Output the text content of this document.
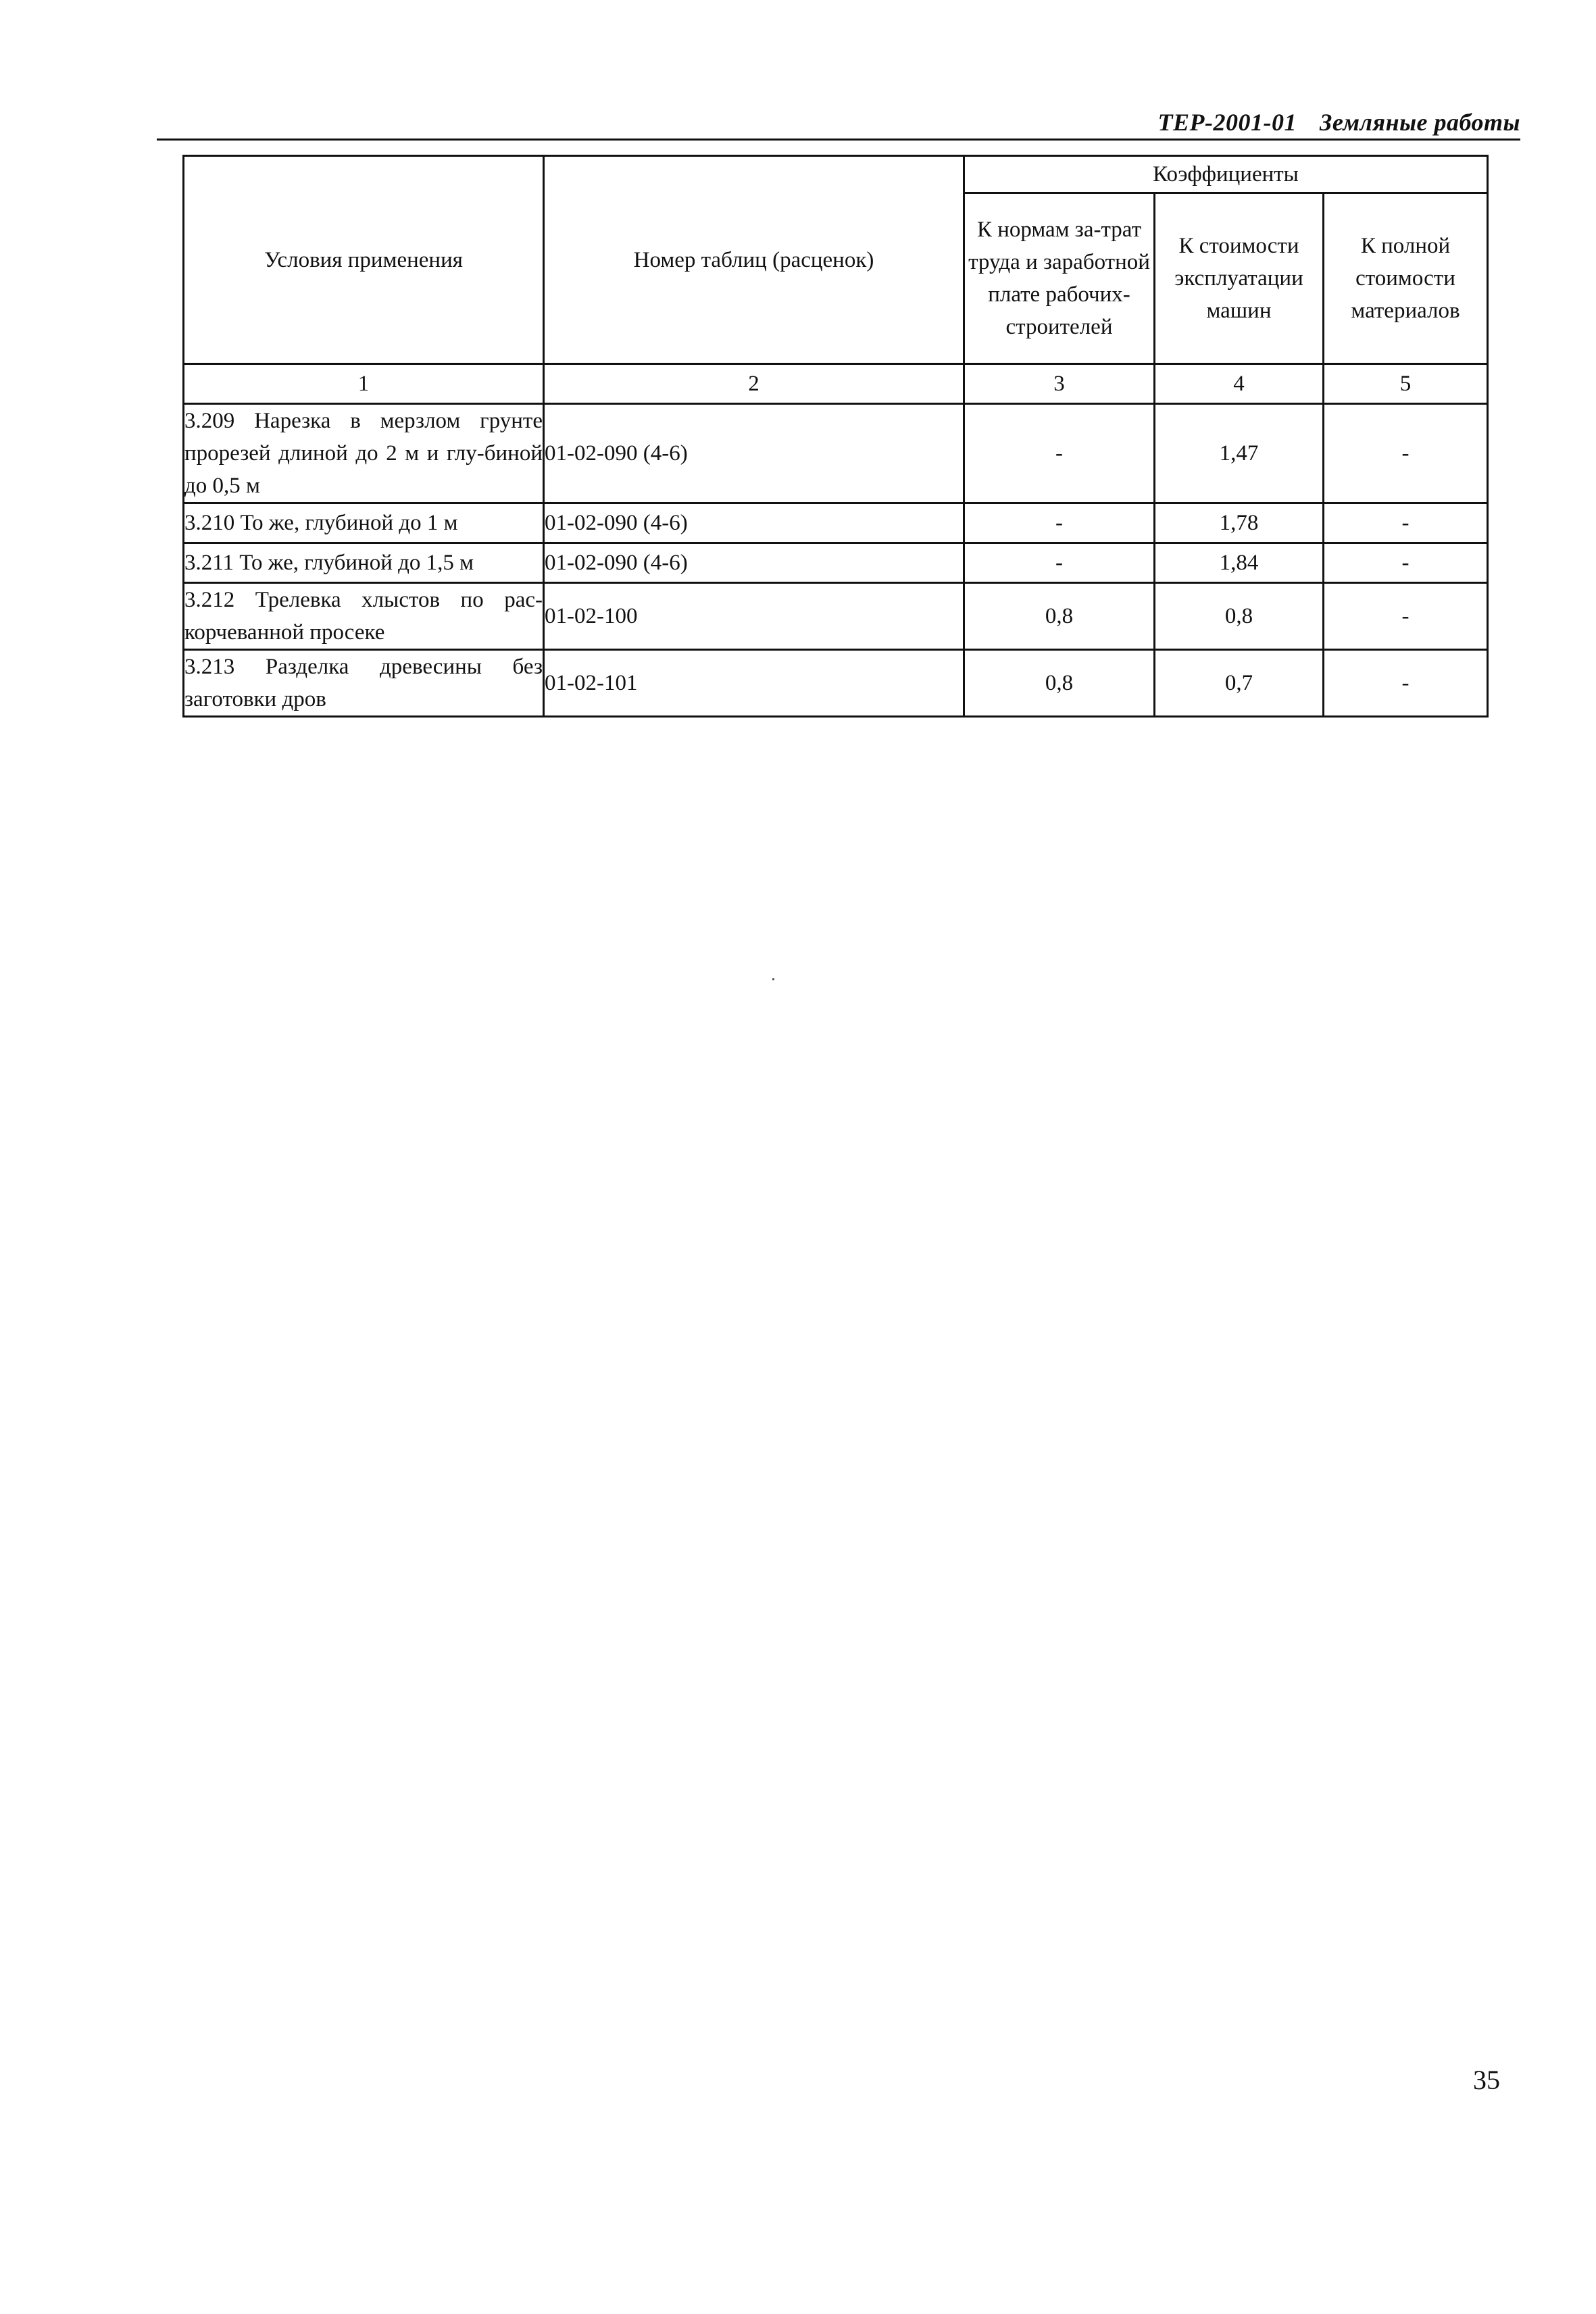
ТЕР-2001-01 Земляные работы
Условия применения	Номер таблиц (расценок)	Коэффициенты		
		К нормам за-трат труда и заработной плате рабочих-строителей	К стоимости эксплуатации машин	К полной стоимости материалов
1	2	3	4	5
3.209 Нарезка в мерзлом грунте прорезей длиной до 2 м и глу-биной до 0,5 м	01-02-090 (4-6)	-	1,47	-
3.210 То же, глубиной до 1 м	01-02-090 (4-6)	-	1,78	-
3.211 То же, глубиной до 1,5 м	01-02-090 (4-6)	-	1,84	-
3.212 Трелевка хлыстов по рас-корчеванной просеке	01-02-100	0,8	0,8	-
3.213 Разделка древесины без заготовки дров	01-02-101	0,8	0,7	-
35
